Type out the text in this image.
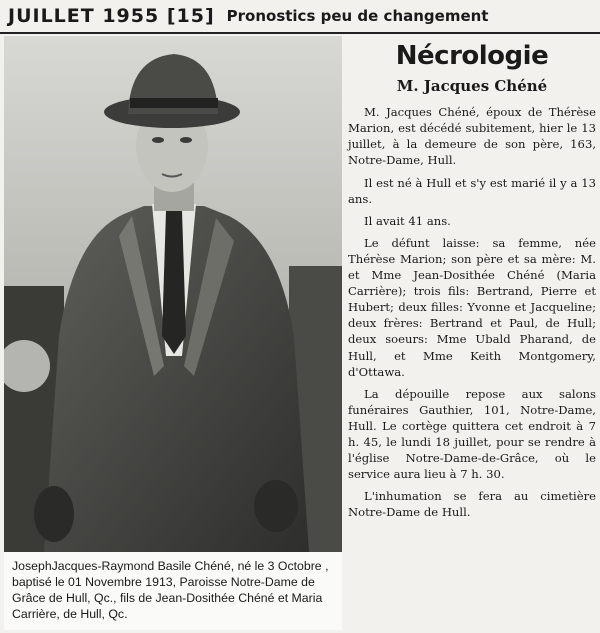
JUILLET 1955 [15] Pronostics peu de changement
JosephJacques-Raymond Basile Chéné, né le 3 Octobre , baptisé le 01 Novembre 1913, Paroisse Notre-Dame de Grâce de Hull, Qc., fils de Jean-Dosithée Chéné et Maria Carrière, de Hull, Qc.
Nécrologie
M. Jacques Chéné

M. Jacques Chéné, époux de Thérèse Marion, est décédé subitement, hier le 13 juillet, à la demeure de son père, 163, Notre-Dame, Hull.

Il est né à Hull et s'y est marié il y a 13 ans.

Il avait 41 ans.

Le défunt laisse: sa femme, née Thérèse Marion; son père et sa mère: M. et Mme Jean-Dosithée Chéné (Maria Carrière); trois fils: Bertrand, Pierre et Hubert; deux filles: Yvonne et Jacqueline; deux frères: Bertrand et Paul, de Hull; deux soeurs: Mme Ubald Pharand, de Hull, et Mme Keith Montgomery, d'Ottawa.

La dépouille repose aux salons funéraires Gauthier, 101, Notre-Dame, Hull. Le cortège quittera cet endroit à 7 h. 45, le lundi 18 juillet, pour se rendre à l'église Notre-Dame-de-Grâce, où le service aura lieu à 7 h. 30.

L'inhumation se fera au cimetière Notre-Dame de Hull.
